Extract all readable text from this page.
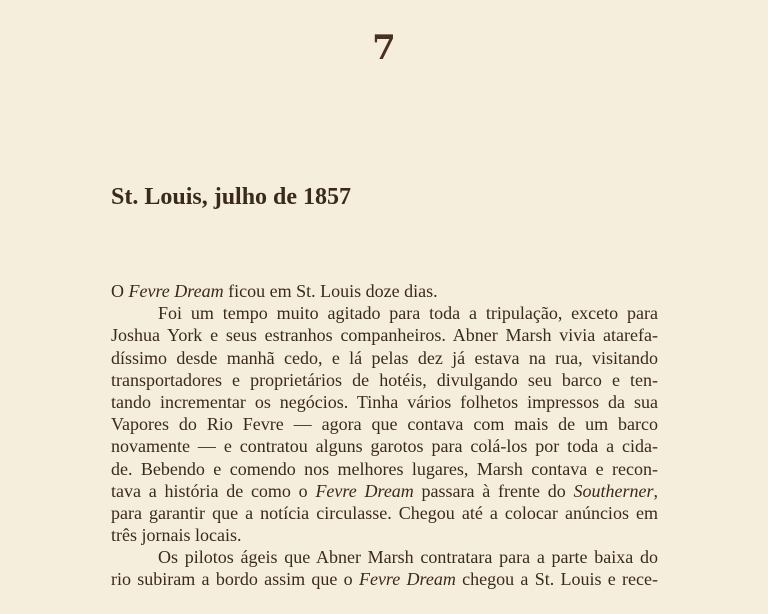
7
St. Louis, julho de 1857
O Fevre Dream ficou em St. Louis doze dias.
Foi um tempo muito agitado para toda a tripulação, exceto para
Joshua York e seus estranhos companheiros. Abner Marsh vivia atarefa-
díssimo desde manhã cedo, e lá pelas dez já estava na rua, visitando
transportadores e proprietários de hotéis, divulgando seu barco e ten-
tando incrementar os negócios. Tinha vários folhetos impressos da sua
Vapores do Rio Fevre — agora que contava com mais de um barco
novamente — e contratou alguns garotos para colá-los por toda a cida-
de. Bebendo e comendo nos melhores lugares, Marsh contava e recon-
tava a história de como o Fevre Dream passara à frente do Southerner,
para garantir que a notícia circulasse. Chegou até a colocar anúncios em
três jornais locais.
Os pilotos ágeis que Abner Marsh contratara para a parte baixa do
rio subiram a bordo assim que o Fevre Dream chegou a St. Louis e rece-
